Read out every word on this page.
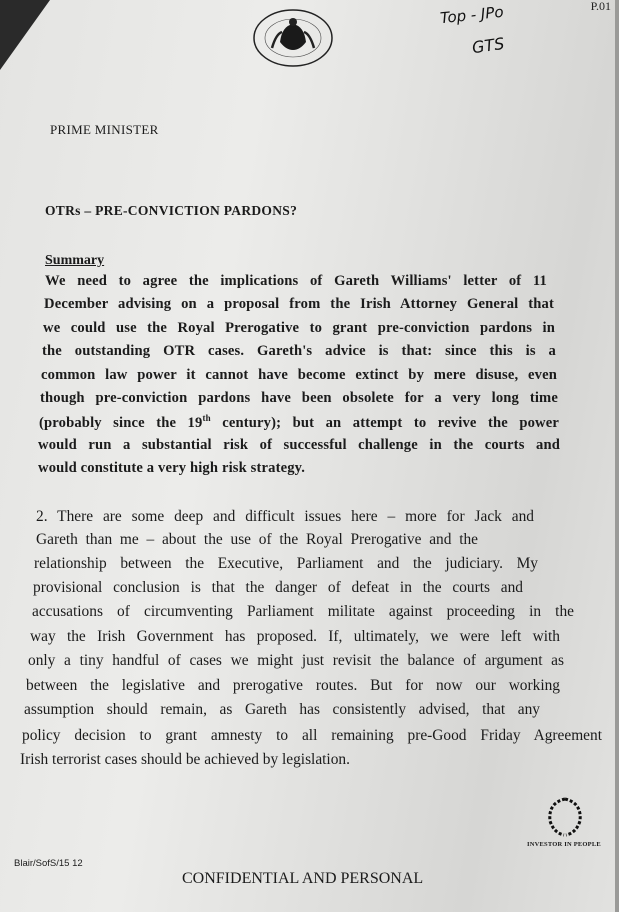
P.01
Top - JPo
GTS
PRIME MINISTER
OTRs – PRE-CONVICTION PARDONS?
Summary
We need to agree the implications of Gareth Williams' letter of 11
December advising on a proposal from the Irish Attorney General that
we could use the Royal Prerogative to grant pre-conviction pardons in
the outstanding OTR cases. Gareth's advice is that: since this is a
common law power it cannot have become extinct by mere disuse, even
though pre-conviction pardons have been obsolete for a very long time
(probably since the 19th century); but an attempt to revive the power
would run a substantial risk of successful challenge in the courts and
would constitute a very high risk strategy.
2. There are some deep and difficult issues here – more for Jack and
Gareth than me – about the use of the Royal Prerogative and the
relationship between the Executive, Parliament and the judiciary. My
provisional conclusion is that the danger of defeat in the courts and
accusations of circumventing Parliament militate against proceeding in the
way the Irish Government has proposed. If, ultimately, we were left with
only a tiny handful of cases we might just revisit the balance of argument as
between the legislative and prerogative routes. But for now our working
assumption should remain, as Gareth has consistently advised, that any
policy decision to grant amnesty to all remaining pre-Good Friday Agreement
Irish terrorist cases should be achieved by legislation.
INVESTOR IN PEOPLE
Blair/SofS/15 12
CONFIDENTIAL AND PERSONAL
